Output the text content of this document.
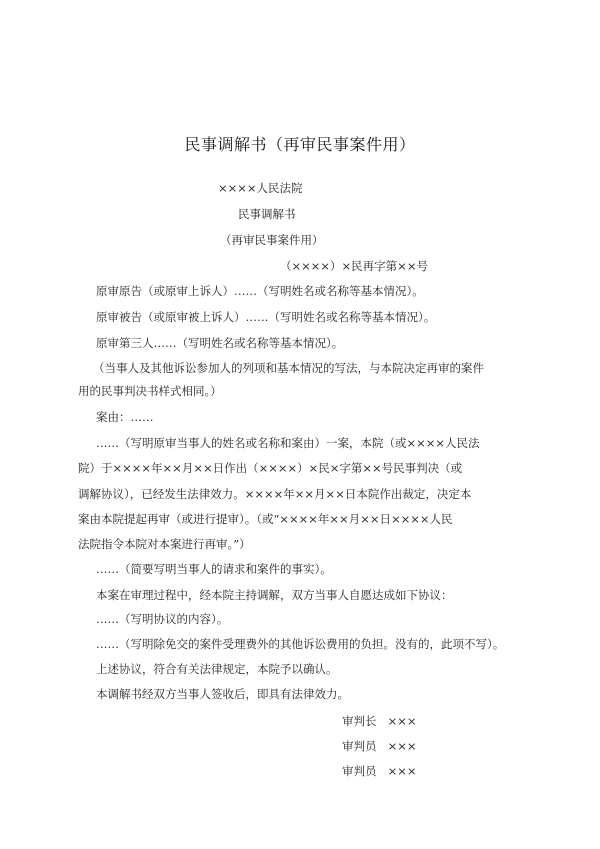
民事调解书（再审民事案件用）
××××人民法院
民事调解书
（再审民事案件用）
（××××）×民再字第××号
原审原告（或原审上诉人）……（写明姓名或名称等基本情况）。
原审被告（或原审被上诉人）……（写明姓名或名称等基本情况）。
原审第三人……（写明姓名或名称等基本情况）。
（当事人及其他诉讼参加人的列项和基本情况的写法，与本院决定再审的案件
用的民事判决书样式相同。）
案由：……
……（写明原审当事人的姓名或名称和案由）一案，本院（或××××人民法
院）于××××年××月××日作出（××××）×民×字第××号民事判决（或
调解协议），已经发生法律效力。××××年××月××日本院作出裁定，决定本
案由本院提起再审（或进行提审）。（或“××××年××月××日××××人民
法院指令本院对本案进行再审。”）
……（简要写明当事人的请求和案件的事实）。
本案在审理过程中，经本院主持调解，双方当事人自愿达成如下协议：
……（写明协议的内容）。
……（写明除免交的案件受理费外的其他诉讼费用的负担。没有的，此项不写）。
上述协议，符合有关法律规定，本院予以确认。
本调解书经双方当事人签收后，即具有法律效力。
审判长 ×××
审判员 ×××
审判员 ×××
